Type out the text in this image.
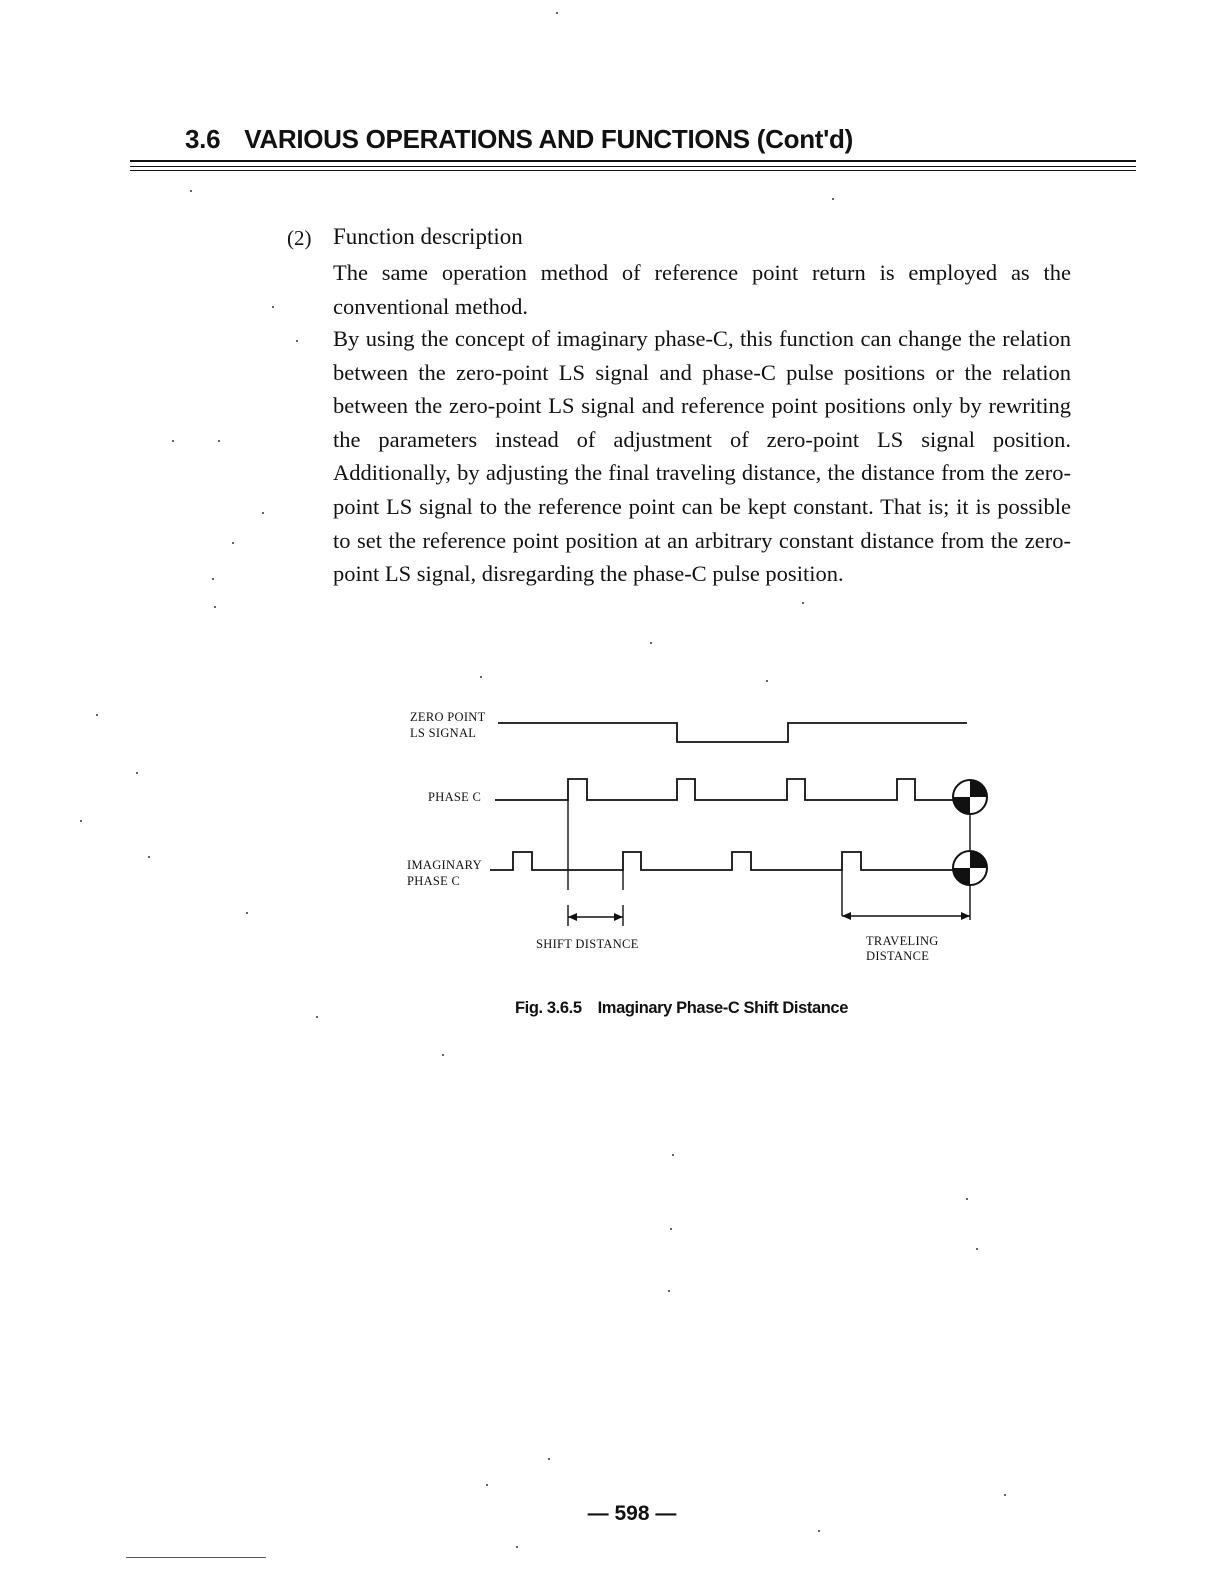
3.6 VARIOUS OPERATIONS AND FUNCTIONS (Cont'd)
(2) Function description
The same operation method of reference point return is employed as the conventional method.
By using the concept of imaginary phase-C, this function can change the relation between the zero-point LS signal and phase-C pulse positions or the relation between the zero-point LS signal and reference point positions only by rewriting the parameters instead of adjustment of zero-point LS signal position. Additionally, by adjusting the final traveling distance, the distance from the zero-point LS signal to the reference point can be kept constant. That is; it is possible to set the reference point position at an arbitrary constant distance from the zero-point LS signal, disregarding the phase-C pulse position.
ZERO POINT
LS SIGNAL
PHASE C
IMAGINARY
PHASE C
SHIFT DISTANCE	TRAVELING
DISTANCE
Fig. 3.6.5 Imaginary Phase-C Shift Distance
— 598 —
